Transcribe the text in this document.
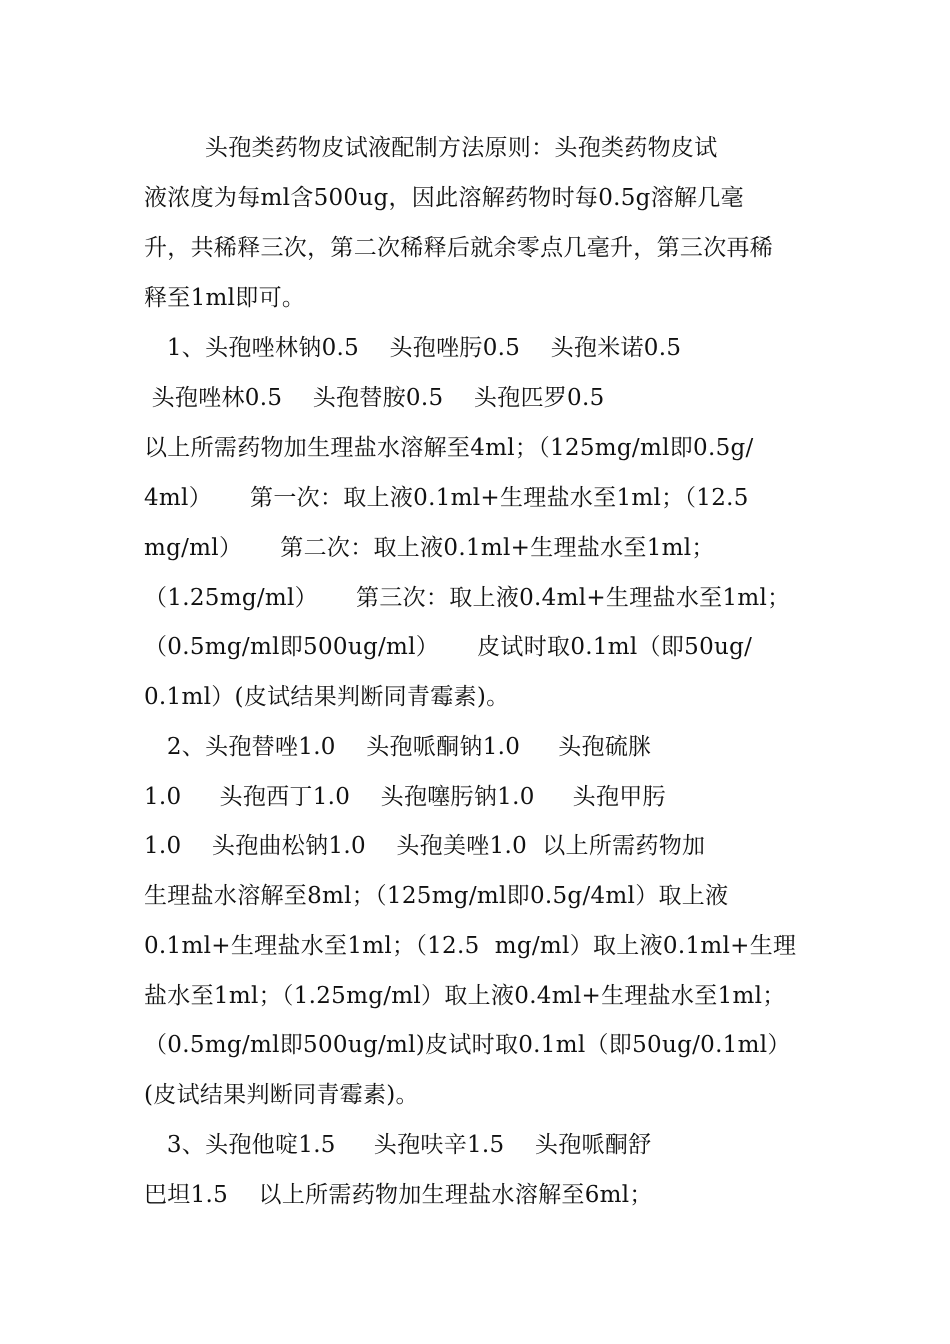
头孢类药物皮试液配制方法原则：头孢类药物皮试
液浓度为每ml含500ug，因此溶解药物时每0.5g溶解几毫
升，共稀释三次，第二次稀释后就余零点几毫升，第三次再稀
释至1ml即可。
1、头孢唑林钠0.5    头孢唑肟0.5    头孢米诺0.5
头孢唑林0.5    头孢替胺0.5    头孢匹罗0.5
以上所需药物加生理盐水溶解至4ml；（125mg/ml即0.5g/
4ml）     第一次：取上液0.1ml+生理盐水至1ml；（12.5
mg/ml）     第二次：取上液0.1ml+生理盐水至1ml；
（1.25mg/ml）     第三次：取上液0.4ml+生理盐水至1ml；
（0.5mg/ml即500ug/ml）     皮试时取0.1ml（即50ug/
0.1ml）(皮试结果判断同青霉素)。
2、头孢替唑1.0    头孢哌酮钠1.0     头孢硫脒
1.0     头孢西丁1.0    头孢噻肟钠1.0     头孢甲肟
1.0    头孢曲松钠1.0    头孢美唑1.0  以上所需药物加
生理盐水溶解至8ml；（125mg/ml即0.5g/4ml）取上液
0.1ml+生理盐水至1ml；（12.5  mg/ml）取上液0.1ml+生理
盐水至1ml；（1.25mg/ml）取上液0.4ml+生理盐水至1ml；
（0.5mg/ml即500ug/ml)皮试时取0.1ml（即50ug/0.1ml）
(皮试结果判断同青霉素)。
3、头孢他啶1.5     头孢呋辛1.5    头孢哌酮舒
巴坦1.5    以上所需药物加生理盐水溶解至6ml；
